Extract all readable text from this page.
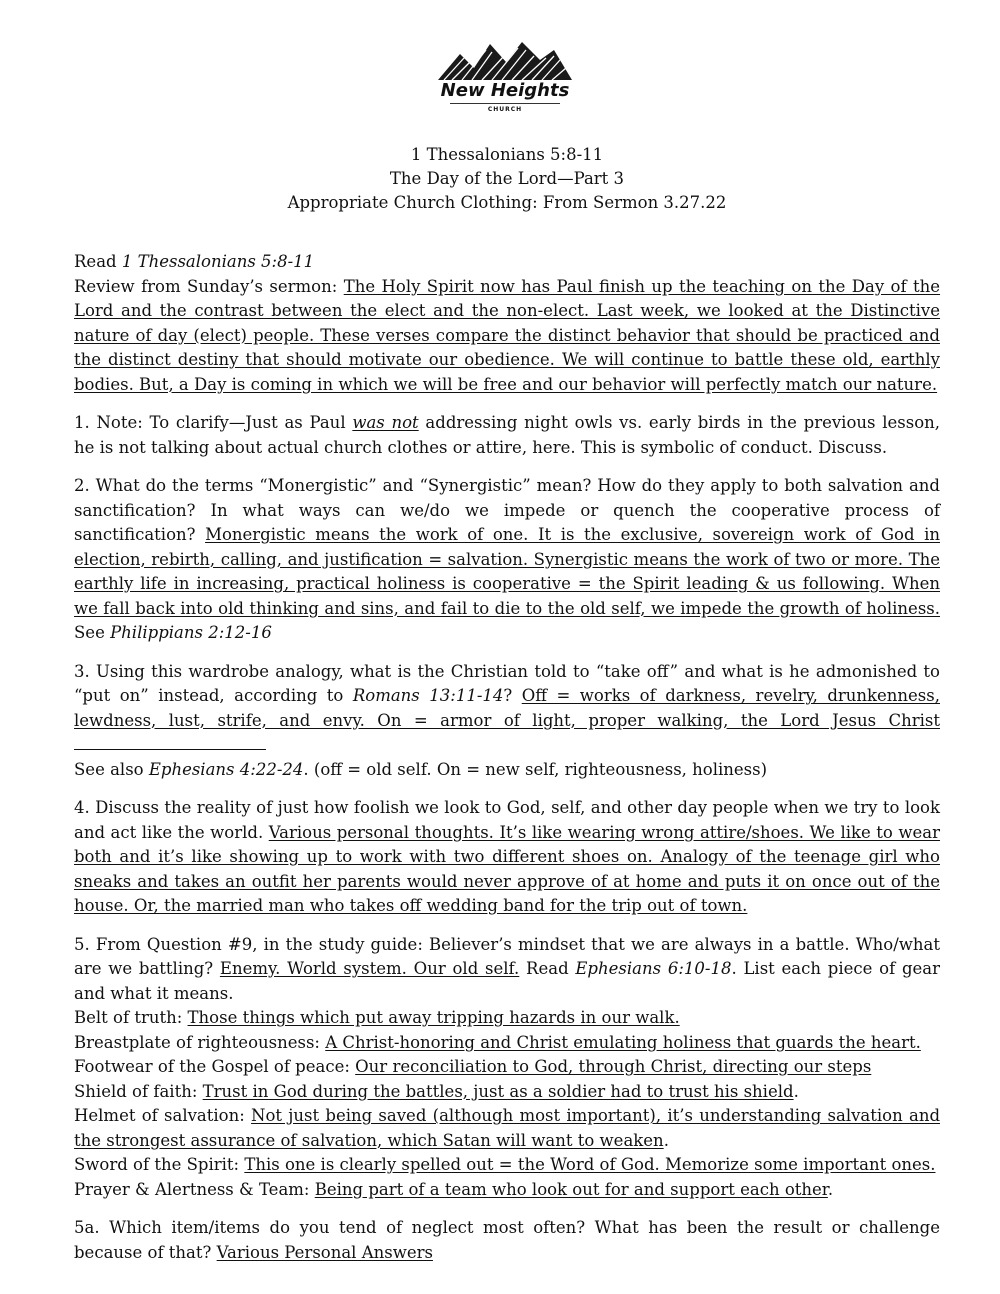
New Heights
CHURCH
1 Thessalonians 5:8-11
The Day of the Lord—Part 3
Appropriate Church Clothing: From Sermon 3.27.22

Read 1 Thessalonians 5:8-11

Review from Sunday’s sermon: The Holy Spirit now has Paul finish up the teaching on the Day of the Lord and the contrast between the elect and the non-elect. Last week, we looked at the Distinctive nature of day (elect) people. These verses compare the distinct behavior that should be practiced and the distinct destiny that should motivate our obedience. We will continue to battle these old, earthly bodies. But, a Day is coming in which we will be free and our behavior will perfectly match our nature.

1. Note: To clarify—Just as Paul was not addressing night owls vs. early birds in the previous lesson, he is not talking about actual church clothes or attire, here. This is symbolic of conduct. Discuss.

2. What do the terms “Monergistic” and “Synergistic” mean? How do they apply to both salvation and sanctification? In what ways can we/do we impede or quench the cooperative process of sanctification? Monergistic means the work of one. It is the exclusive, sovereign work of God in election, rebirth, calling, and justification = salvation. Synergistic means the work of two or more. The earthly life in increasing, practical holiness is cooperative = the Spirit leading & us following. When we fall back into old thinking and sins, and fail to die to the old self, we impede the growth of holiness. See Philippians 2:12-16

3. Using this wardrobe analogy, what is the Christian told to “take off” and what is he admonished to “put on” instead, according to Romans 13:11-14? Off = works of darkness, revelry, drunkenness, lewdness, lust, strife, and envy. On = armor of light, proper walking, the Lord Jesus Christ

See also Ephesians 4:22-24. (off = old self. On = new self, righteousness, holiness)

4. Discuss the reality of just how foolish we look to God, self, and other day people when we try to look and act like the world. Various personal thoughts. It’s like wearing wrong attire/shoes. We like to wear both and it’s like showing up to work with two different shoes on. Analogy of the teenage girl who sneaks and takes an outfit her parents would never approve of at home and puts it on once out of the house. Or, the married man who takes off wedding band for the trip out of town.

5. From Question #9, in the study guide: Believer’s mindset that we are always in a battle. Who/what are we battling? Enemy. World system. Our old self. Read Ephesians 6:10-18. List each piece of gear and what it means.

Belt of truth: Those things which put away tripping hazards in our walk.

Breastplate of righteousness: A Christ-honoring and Christ emulating holiness that guards the heart.

Footwear of the Gospel of peace: Our reconciliation to God, through Christ, directing our steps

Shield of faith: Trust in God during the battles, just as a soldier had to trust his shield.

Helmet of salvation: Not just being saved (although most important), it’s understanding salvation and the strongest assurance of salvation, which Satan will want to weaken.

Sword of the Spirit: This one is clearly spelled out = the Word of God. Memorize some important ones.

Prayer & Alertness & Team: Being part of a team who look out for and support each other.

5a. Which item/items do you tend of neglect most often? What has been the result or challenge because of that? Various Personal Answers
